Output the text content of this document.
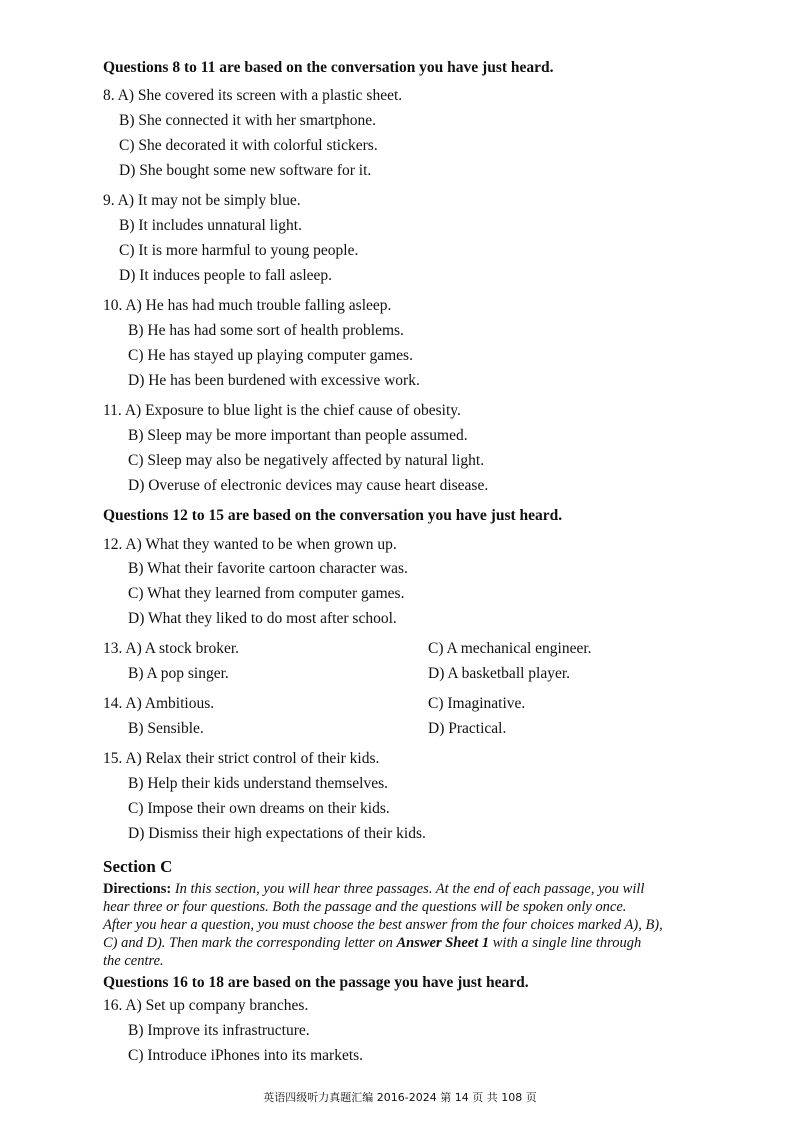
Questions 8 to 11 are based on the conversation you have just heard.
8. A) She covered its screen with a plastic sheet.
B) She connected it with her smartphone.
C) She decorated it with colorful stickers.
D) She bought some new software for it.
9. A) It may not be simply blue.
B) It includes unnatural light.
C) It is more harmful to young people.
D) It induces people to fall asleep.
10. A) He has had much trouble falling asleep.
B) He has had some sort of health problems.
C) He has stayed up playing computer games.
D) He has been burdened with excessive work.
11. A) Exposure to blue light is the chief cause of obesity.
B) Sleep may be more important than people assumed.
C) Sleep may also be negatively affected by natural light.
D) Overuse of electronic devices may cause heart disease.
Questions 12 to 15 are based on the conversation you have just heard.
12. A) What they wanted to be when grown up.
B) What their favorite cartoon character was.
C) What they learned from computer games.
D) What they liked to do most after school.
13. A) A stock broker.	C) A mechanical engineer.
B) A pop singer.	D) A basketball player.
14. A) Ambitious.	C) Imaginative.
B) Sensible.	D) Practical.
15. A) Relax their strict control of their kids.
B) Help their kids understand themselves.
C) Impose their own dreams on their kids.
D) Dismiss their high expectations of their kids.
Section C
Directions: In this section, you will hear three passages. At the end of each passage, you will
hear three or four questions. Both the passage and the questions will be spoken only once.
After you hear a question, you must choose the best answer from the four choices marked A), B),
C) and D). Then mark the corresponding letter on Answer Sheet 1 with a single line through
the centre.
Questions 16 to 18 are based on the passage you have just heard.
16. A) Set up company branches.
B) Improve its infrastructure.
C) Introduce iPhones into its markets.
英语四级听力真题汇编 2016-2024 第 14 页 共 108 页
